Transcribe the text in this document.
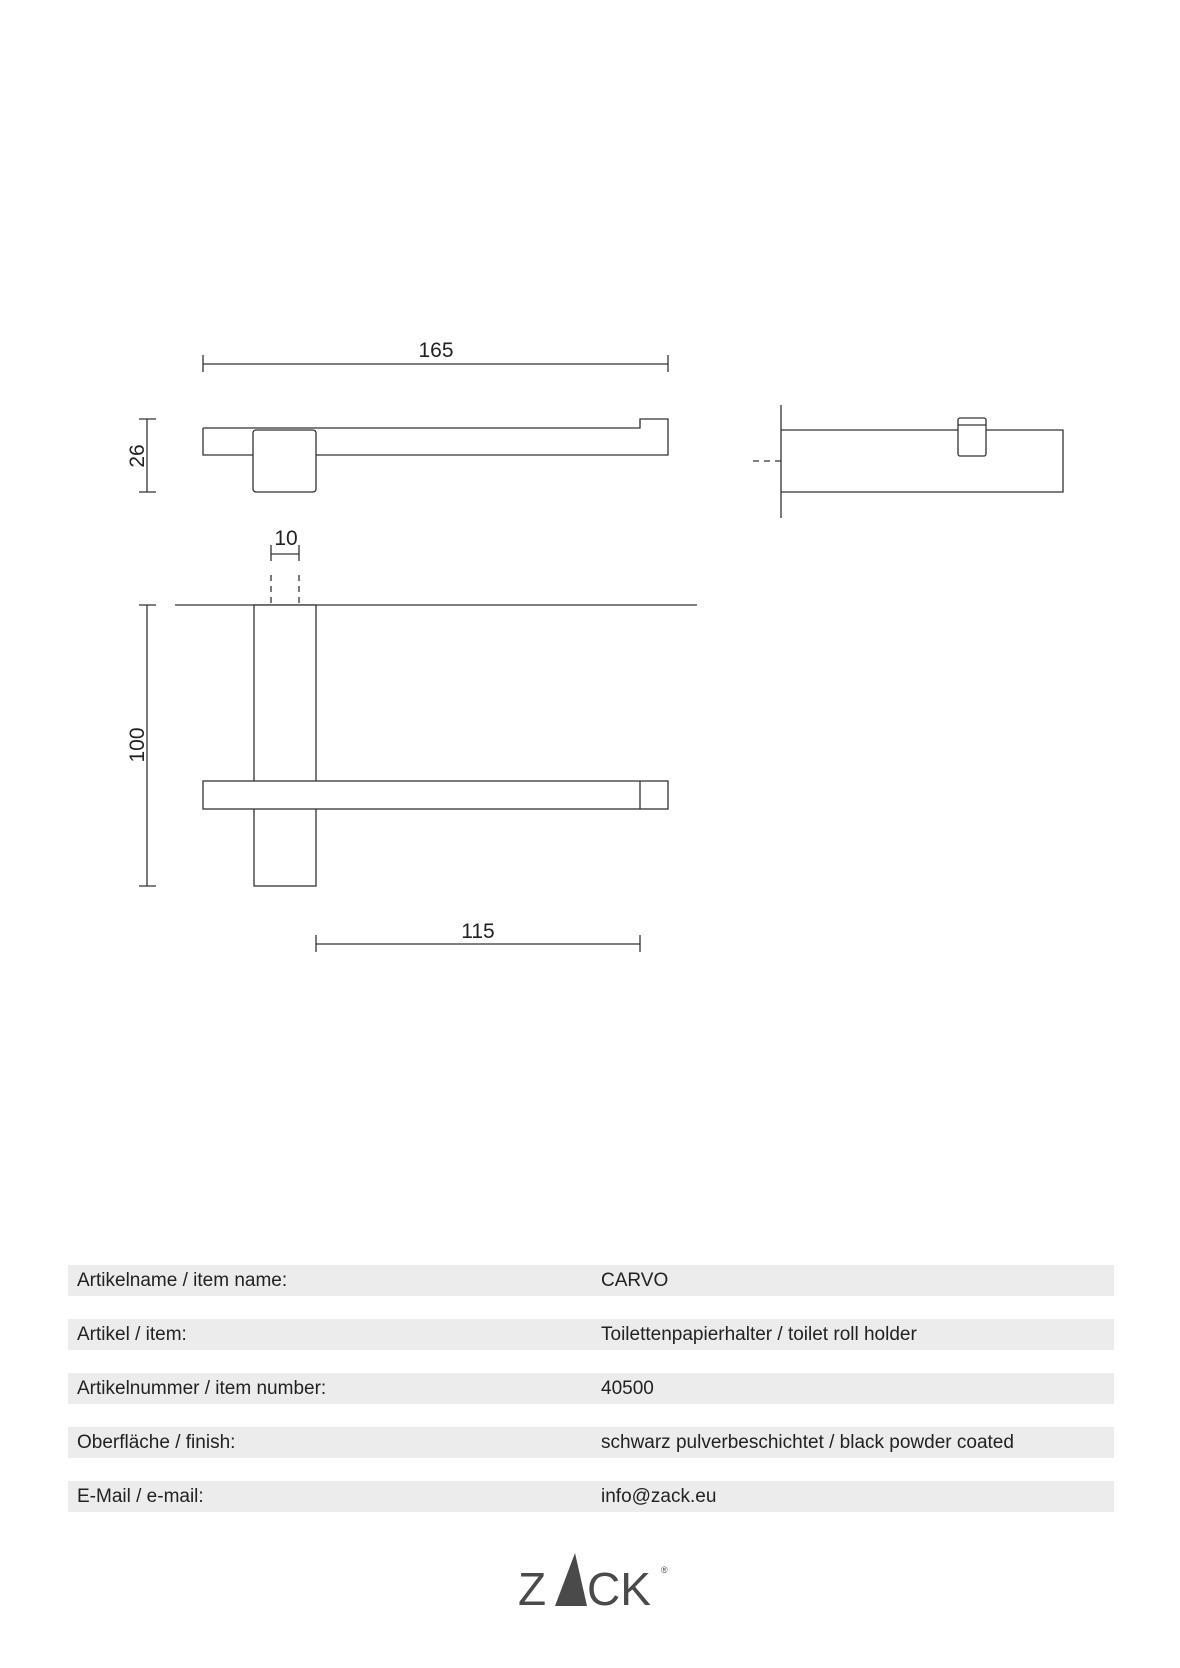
165
26
10
100
115
Artikelname / item name:	CARVO
Artikel / item:	Toilettenpapierhalter / toilet roll holder
Artikelnummer / item number:	40500
Oberfläche / finish:	schwarz pulverbeschichtet / black powder coated
E-Mail / e-mail:	info@zack.eu
Z CK ®
